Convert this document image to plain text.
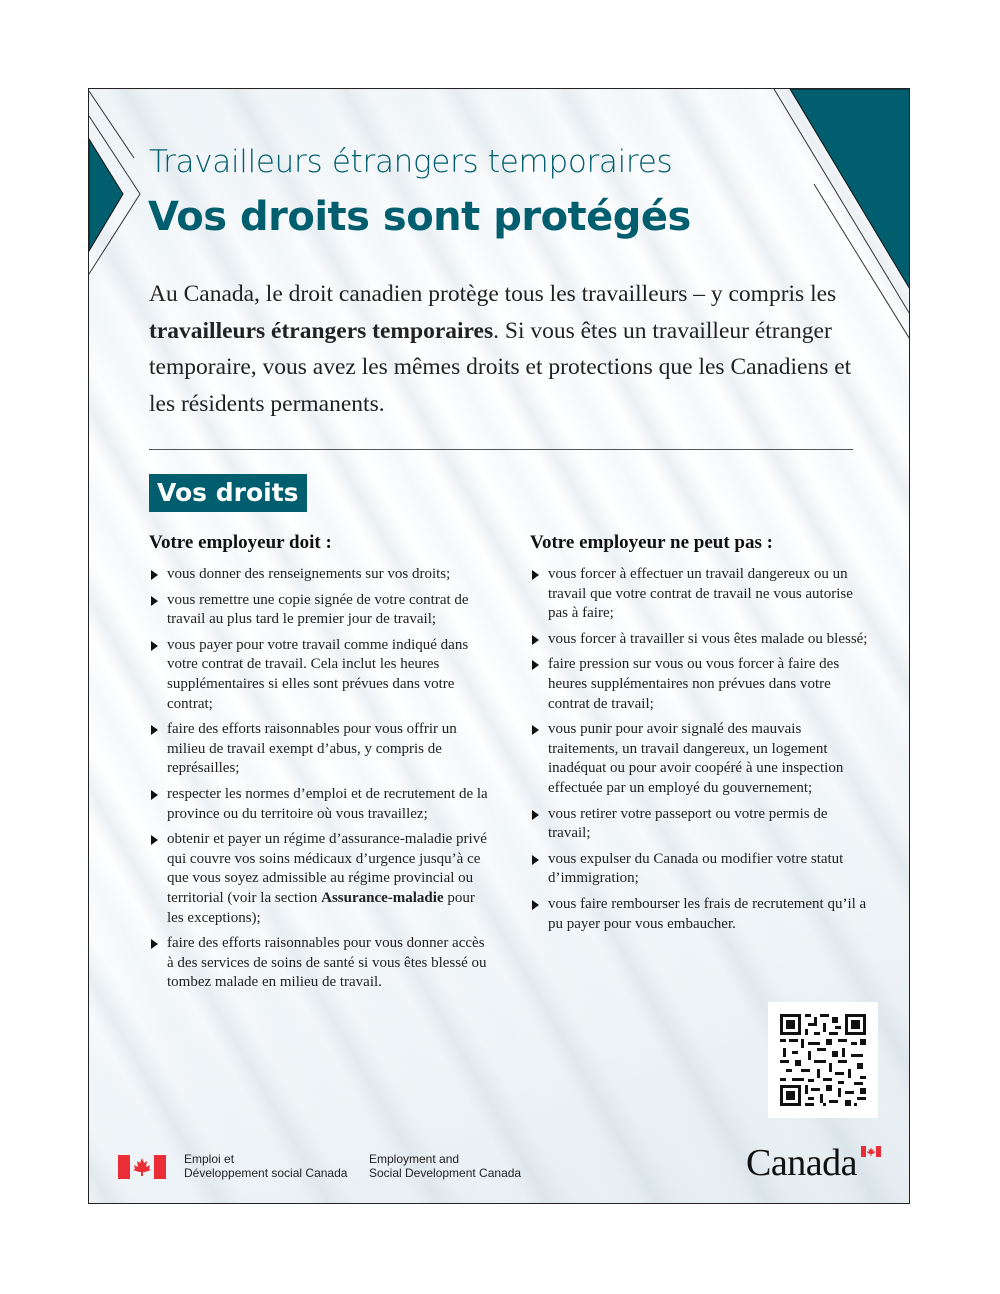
Travailleurs étrangers temporaires
Vos droits sont protégés

Au Canada, le droit canadien protège tous les travailleurs – y compris les travailleurs étrangers temporaires. Si vous êtes un travailleur étranger temporaire, vous avez les mêmes droits et protections que les Canadiens et les résidents permanents.

Vos droits
Votre employeur doit :
vous donner des renseignements sur vos droits;
vous remettre une copie signée de votre contrat de travail au plus tard le premier jour de travail;
vous payer pour votre travail comme indiqué dans votre contrat de travail. Cela inclut les heures supplémentaires si elles sont prévues dans votre contrat;
faire des efforts raisonnables pour vous offrir un milieu de travail exempt d’abus, y compris de représailles;
respecter les normes d’emploi et de recrutement de la province ou du territoire où vous travaillez;
obtenir et payer un régime d’assurance-maladie privé qui couvre vos soins médicaux d’urgence jusqu’à ce que vous soyez admissible au régime provincial ou territorial (voir la section Assurance-maladie pour les exceptions);
faire des efforts raisonnables pour vous donner accès à des services de soins de santé si vous êtes blessé ou tombez malade en milieu de travail.
Votre employeur ne peut pas :
vous forcer à effectuer un travail dangereux ou un travail que votre contrat de travail ne vous autorise pas à faire;
vous forcer à travailler si vous êtes malade ou blessé;
faire pression sur vous ou vous forcer à faire des heures supplémentaires non prévues dans votre contrat de travail;
vous punir pour avoir signalé des mauvais traitements, un travail dangereux, un logement inadéquat ou pour avoir coopéré à une inspection effectuée par un employé du gouvernement;
vous retirer votre passeport ou votre permis de travail;
vous expulser du Canada ou modifier votre statut d’immigration;
vous faire rembourser les frais de recrutement qu’il a pu payer pour vous embaucher.
Emploi et
Développement social Canada
Employment and
Social Development Canada	Canada
